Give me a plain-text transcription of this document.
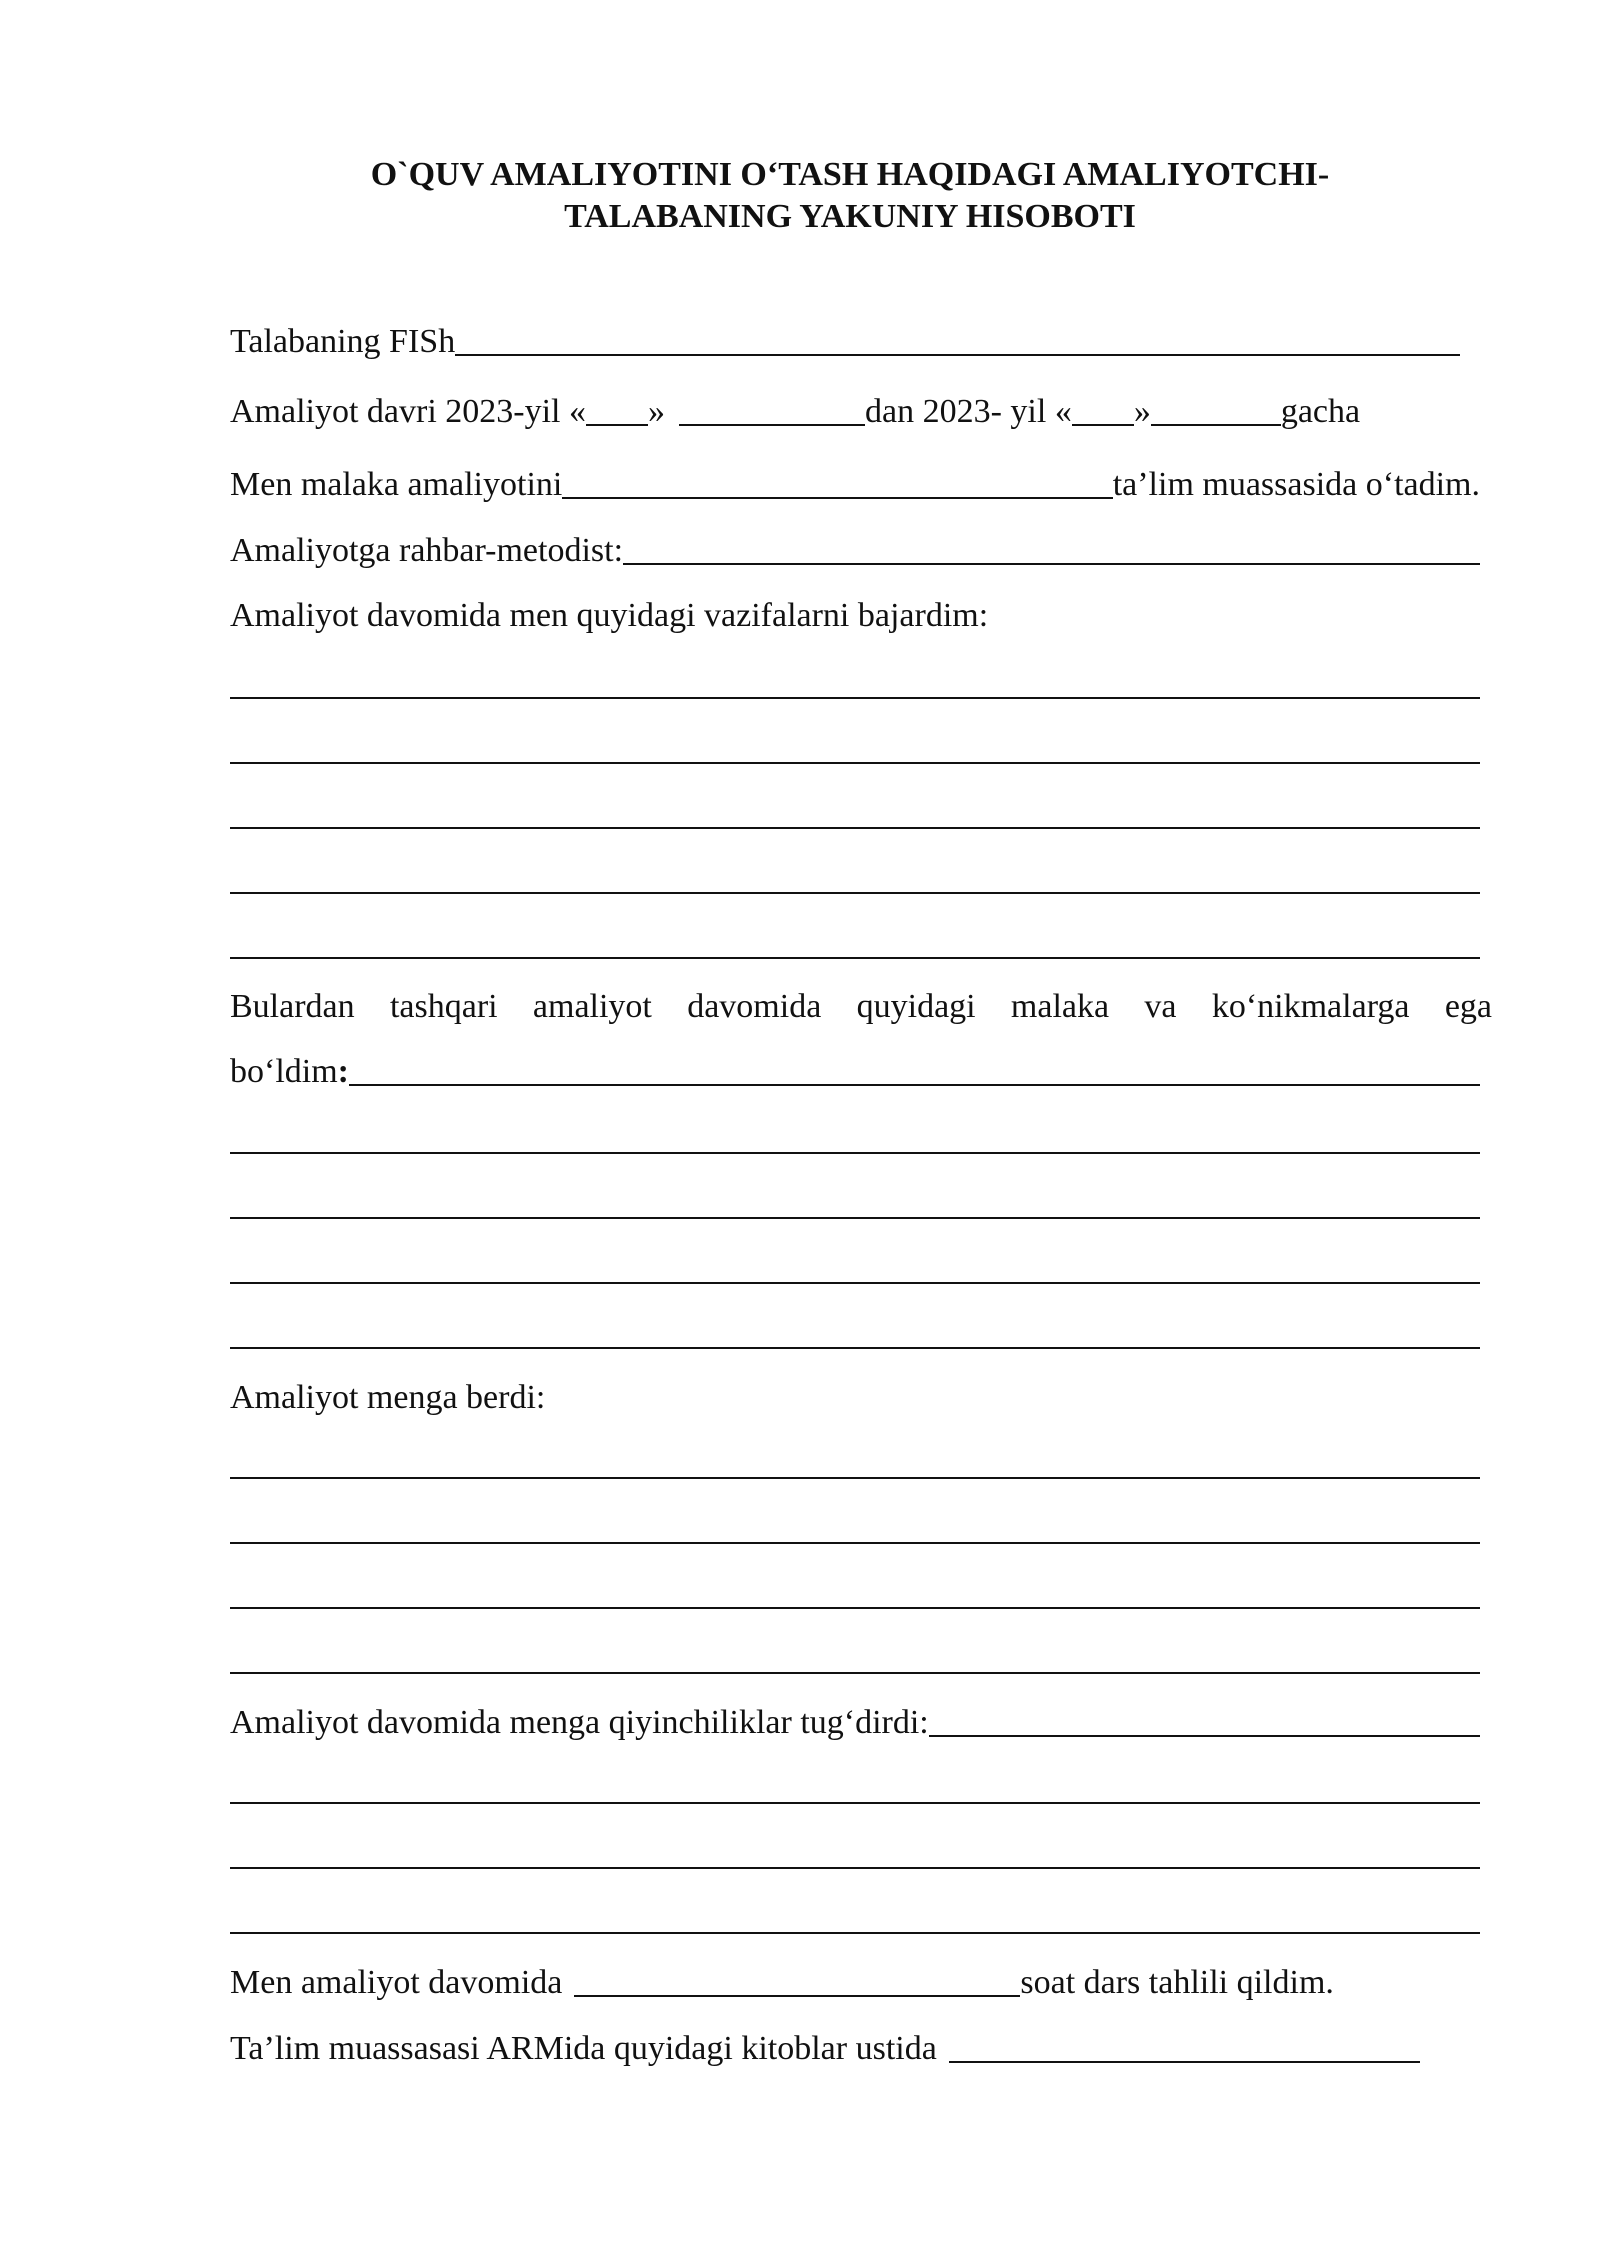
O`QUV AMALIYOTINI O‘TASH HAQIDAGI AMALIYOTCHI-
TALABANING YAKUNIY HISOBOTI
Talabaning FISh
Amaliyot davri 2023-yil « »	dan 2023- yil « »	gacha
Men malaka amaliyotini	ta’lim muassasida o‘tadim.
Amaliyotga rahbar-metodist:
Amaliyot davomida men quyidagi vazifalarni bajardim:
Bulardan tashqari amaliyot davomida quyidagi malaka va ko‘nikmalarga ega
bo‘ldim :
Amaliyot menga berdi:
Amaliyot davomida menga qiyinchiliklar tug‘dirdi:
Men amaliyot davomida	soat dars tahlili qildim.
Ta’lim muassasasi ARMida quyidagi kitoblar ustida
